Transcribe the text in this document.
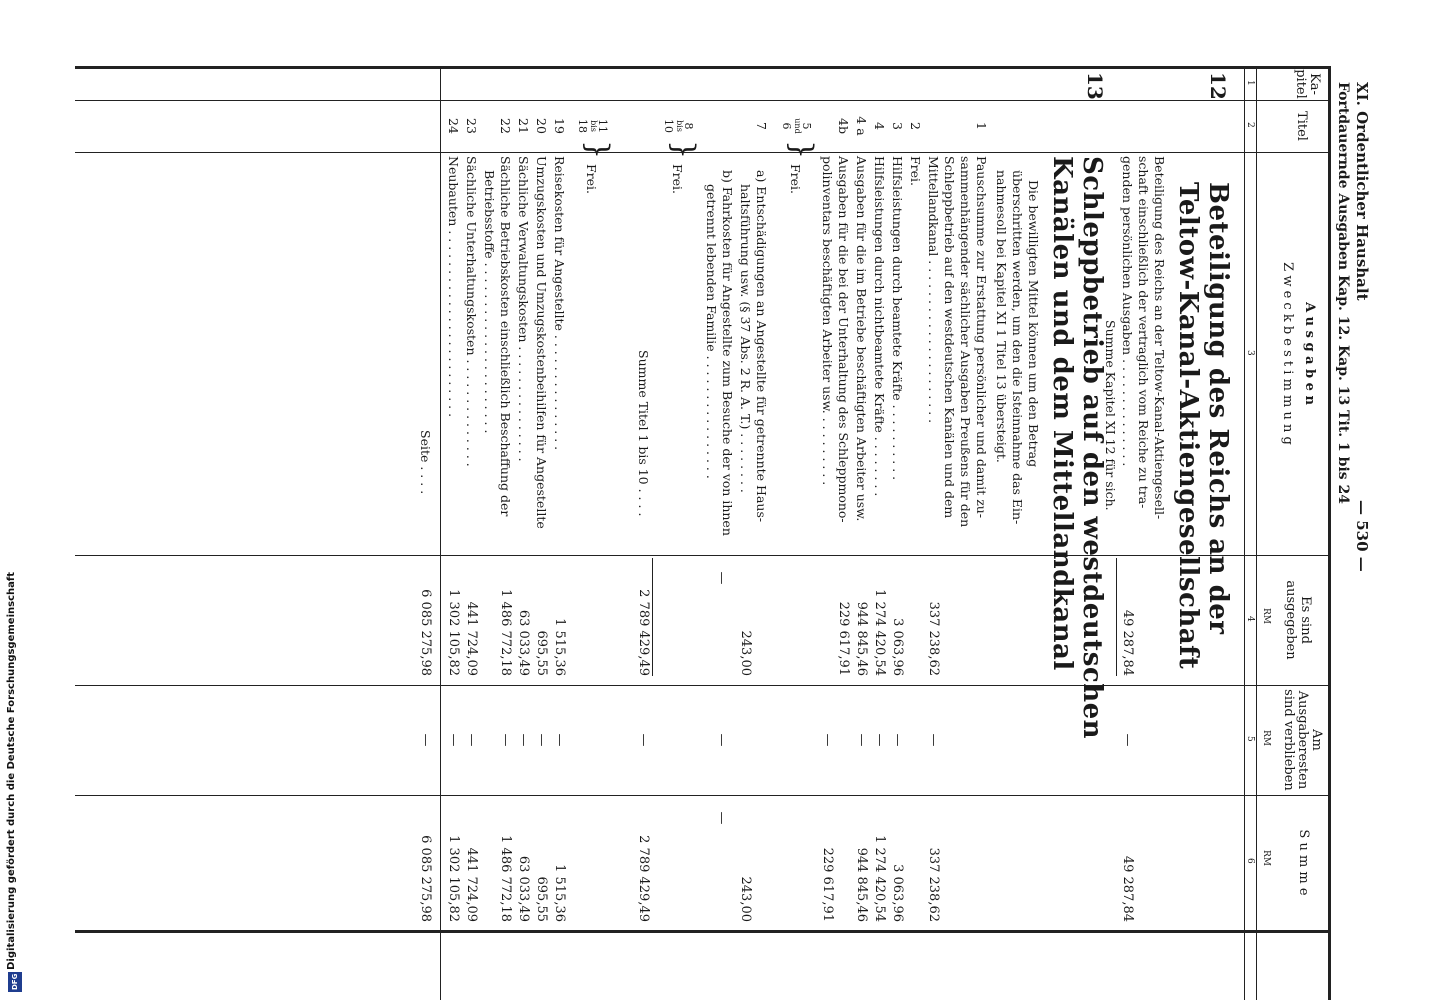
Digitalisierung gefördert durch die Deutsche Forschungsgemeinschaft
DFG
XI. Ordentlicher Haushalt
— 530 —
Fortdauernde Ausgaben Kap. 12. Kap. 13 Tit. 1 bis 24
Ka- pitel
Titel
A u s g a b e n
Z w e c k b e s t i m m u n g
Es sind ausgegeben
S u m m e
Am Ausgaberesten sind verblieben
RM
RM
RM
1
2
3
4
5
6
12
Beteiligung des Reichs an der
Teltow-Kanal-Aktiengesellschaft
Beteiligung des Reichs an der Teltow-Kanal-Aktiengesell-
schaft einschließlich der vertraglich vom Reiche zu tra-
genden persönlichen Ausgaben . . . . . . . . . . . . . .
Summe Kapitel XI 12 für sich.
49 287,84
—
49 287,84
13
Schleppbetrieb auf den westdeutschen
Kanälen und dem Mittellandkanal
Die bewilligten Mittel können um den Betrag
überschritten werden, um den die Isteinnahme das Ein-
nahmesoll bei Kapitel XI 1 Titel 13 übersteigt.
1
Pauschsumme zur Erstattung persönlicher und damit zu-
sammenhängender sächlicher Ausgaben Preußens für den
Schleppbetrieb auf den westdeutschen Kanälen und dem
Mittellandkanal . . . . . . . . . . . . . . . . . . . . .
337 238,62
—
337 238,62
2
Frei.
3
Hilfsleistungen durch beamtete Kräfte . . . . . . . . . .
3 063,96
—
3 063,96
4
Hilfsleistungen durch nichtbeamtete Kräfte . . . . . . . .
1 274 420,54
—
1 274 420,54
4 a
Ausgaben für die im Betriebe beschäftigten Arbeiter usw.
944 845,46
—
944 845,46
4b
Ausgaben für die bei der Unterhaltung des Schleppmono-
polinventars beschäftigten Arbeiter usw. . . . . . . . . .
229 617,91
—
229 617,91
5
und
6
}
Frei.
7
a) Entschädigungen an Angestellte für getrennte Haus-
haltsführung usw. (§ 37 Abs. 2 R. A. T.) . . . . . . . .
243,00
243,00
b) Fahrkosten für Angestellte zum Besuche der von ihnen
getrennt lebenden Familie . . . . . . . . . . . . . . . .
—
—
—
8
bis
10
}
Frei.
Summe Titel 1 bis 10 . . . .
2 789 429,49
—
2 789 429,49
11
bis
18
}
Frei.
19
Reisekosten für Angestellte . . . . . . . . . . . . . . .
1 515,36
—
1 515,36
20
Umzugskosten und Umzugskostenbeihilfen für Angestellte
695,55
—
695,55
21
Sächliche Verwaltungskosten . . . . . . . . . . . . . . .
63 033,49
—
63 033,49
22
Sächliche Betriebskosten einschließlich Beschaffung der
Betriebsstoffe . . . . . . . . . . . . . . . . . . . . . .
1 486 772,18
—
1 486 772,18
23
Sächliche Unterhaltungskosten . . . . . . . . . . . . . .
441 724,09
—
441 724,09
24
Neubauten . . . . . . . . . . . . . . . . . . . . . . . .
1 302 105,82
—
1 302 105,82
Seite . . . .
6 085 275,98
—
6 085 275,98
